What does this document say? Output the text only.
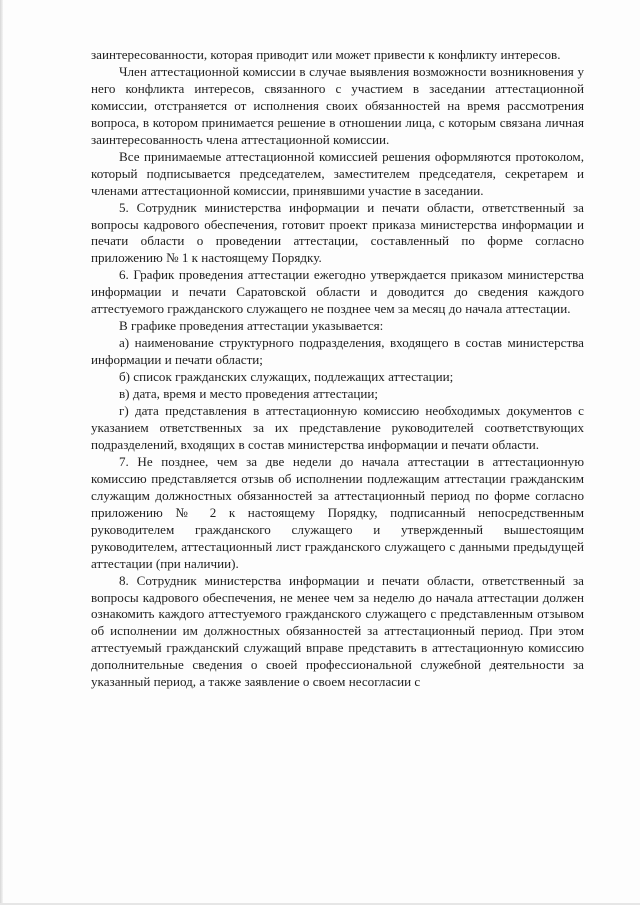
заинтересованности, которая приводит или может привести к конфликту интересов.

Член аттестационной комиссии в случае выявления возможности возникновения у него конфликта интересов, связанного с участием в заседании аттестационной комиссии, отстраняется от исполнения своих обязанностей на время рассмотрения вопроса, в котором принимается решение в отношении лица, с которым связана личная заинтересованность члена аттестационной комиссии.

Все принимаемые аттестационной комиссией решения оформляются протоколом, который подписывается председателем, заместителем председателя, секретарем и членами аттестационной комиссии, принявшими участие в заседании.

5. Сотрудник министерства информации и печати области, ответственный за вопросы кадрового обеспечения, готовит проект приказа министерства информации и печати области о проведении аттестации, составленный по форме согласно приложению № 1 к настоящему Порядку.

6. График проведения аттестации ежегодно утверждается приказом министерства информации и печати Саратовской области и доводится до сведения каждого аттестуемого гражданского служащего не позднее чем за месяц до начала аттестации.

В графике проведения аттестации указывается:

а) наименование структурного подразделения, входящего в состав министерства информации и печати области;

б) список гражданских служащих, подлежащих аттестации;

в) дата, время и место проведения аттестации;

г) дата представления в аттестационную комиссию необходимых документов с указанием ответственных за их представление руководителей соответствующих подразделений, входящих в состав министерства информации и печати области.

7. Не позднее, чем за две недели до начала аттестации в аттестационную комиссию представляется отзыв об исполнении подлежащим аттестации гражданским служащим должностных обязанностей за аттестационный период по форме согласно приложению № 2 к настоящему Порядку, подписанный непосредственным руководителем гражданского служащего и утвержденный вышестоящим руководителем, аттестационный лист гражданского служащего с данными предыдущей аттестации (при наличии).

8. Сотрудник министерства информации и печати области, ответственный за вопросы кадрового обеспечения, не менее чем за неделю до начала аттестации должен ознакомить каждого аттестуемого гражданского служащего с представленным отзывом об исполнении им должностных обязанностей за аттестационный период. При этом аттестуемый гражданский служащий вправе представить в аттестационную комиссию дополнительные сведения о своей профессиональной служебной деятельности за указанный период, а также заявление о своем несогласии с
